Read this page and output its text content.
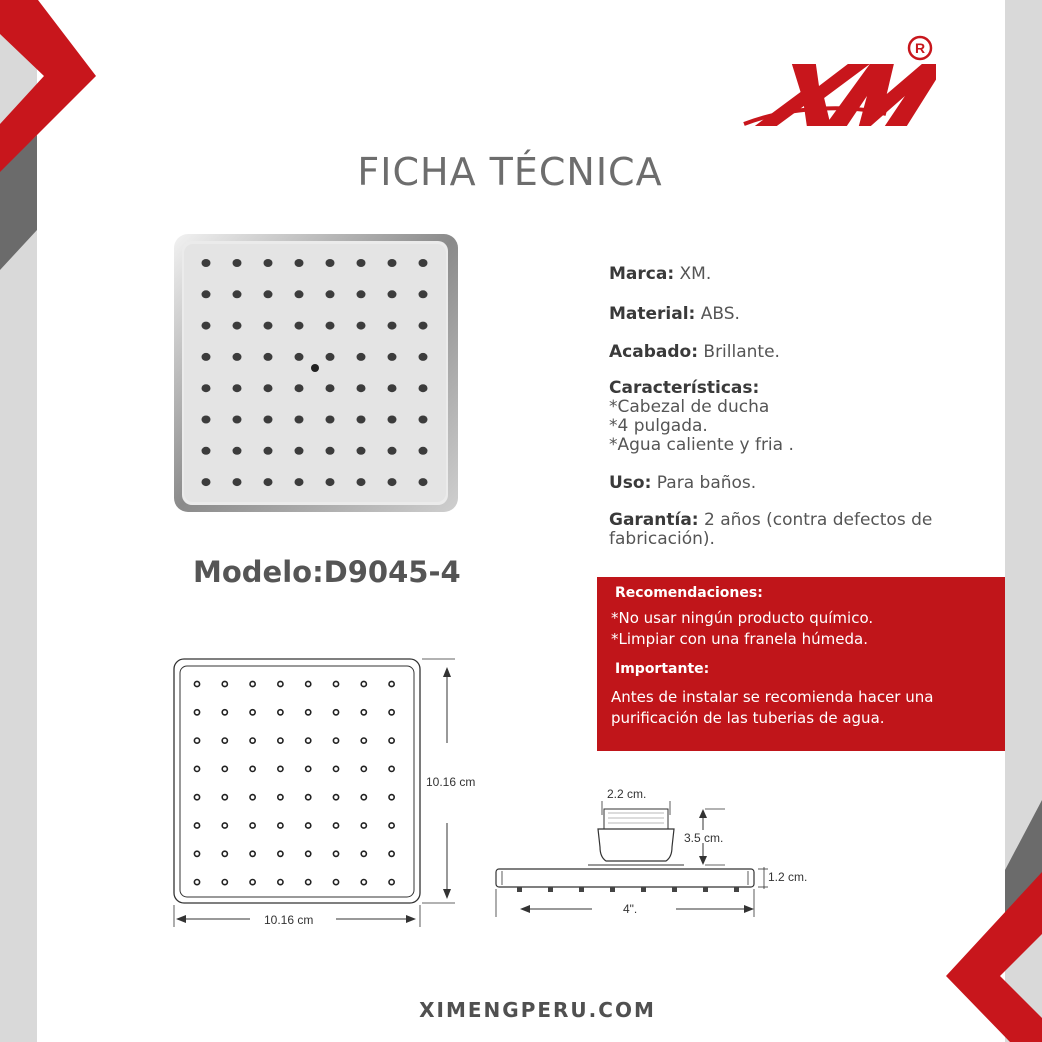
R
FICHA TÉCNICA
Modelo:D9045-4
Marca: XM.
Material: ABS.
Acabado: Brillante.
Características:
*Cabezal de ducha
*4 pulgada.
*Agua caliente y fria .
Uso: Para baños.
Garantía: 2 años (contra defectos de
fabricación).
Recomendaciones:
*No usar ningún producto químico.
*Limpiar con una franela húmeda.
Importante:
Antes de instalar se recomienda hacer una
purificación de las tuberias de agua.
10.16 cm
10.16 cm
2.2 cm.
3.5 cm.
1.2 cm.
4".
XIMENGPERU.COM
